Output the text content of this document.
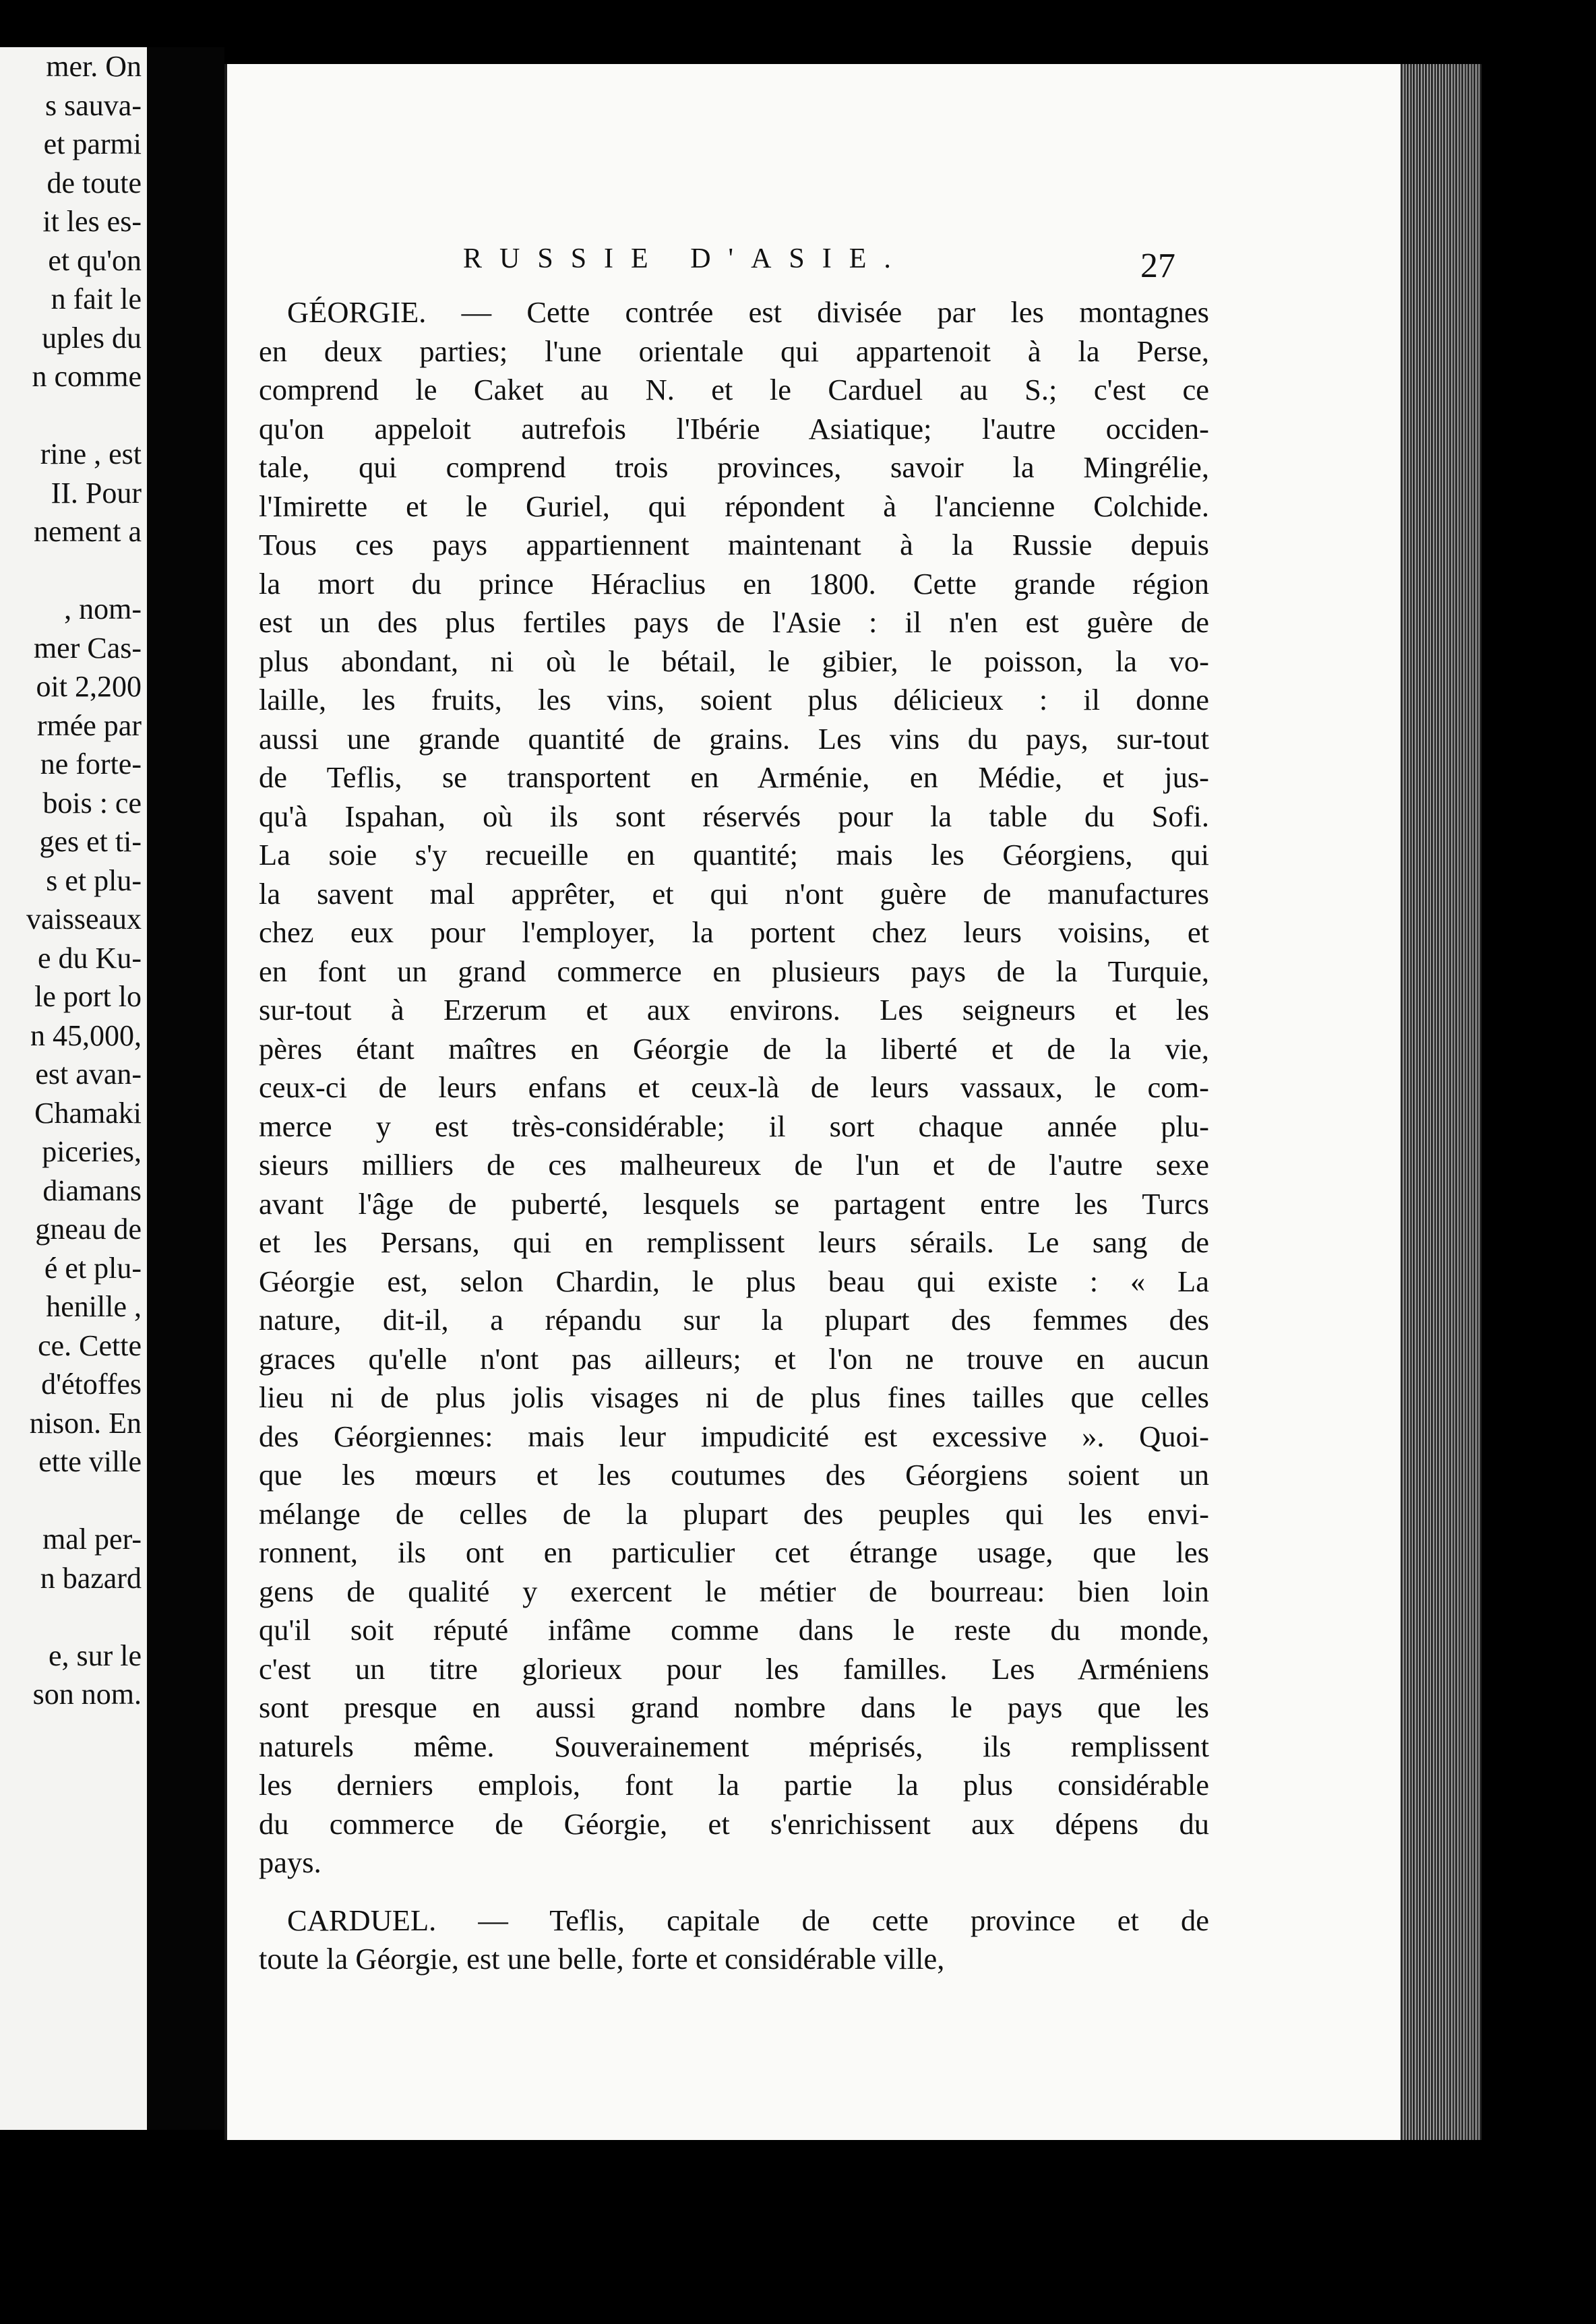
mer. On
s sauva-
et parmi
de toute
it les es-
et qu'on
n fait le
uples du
n comme
rine , est
II. Pour
nement a
, nom-
mer Cas-
oit 2,200
rmée par
ne forte-
bois : ce
ges et ti-
s et plu-
vaisseaux
e du Ku-
le port lo
n 45,000,
est avan-
Chamaki
piceries,
diamans
gneau de
é et plu-
henille ,
ce. Cette
d'étoffes
nison. En
ette ville
mal per-
n bazard
e, sur le
son nom.
RUSSIE D'ASIE.	27
GÉORGIE. — Cette contrée est divisée par les montagnes
en deux parties; l'une orientale qui appartenoit à la Perse,
comprend le Caket au N. et le Carduel au S.; c'est ce
qu'on appeloit autrefois l'Ibérie Asiatique; l'autre occiden-
tale, qui comprend trois provinces, savoir la Mingrélie,
l'Imirette et le Guriel, qui répondent à l'ancienne Colchide.
Tous ces pays appartiennent maintenant à la Russie depuis
la mort du prince Héraclius en 1800. Cette grande région
est un des plus fertiles pays de l'Asie : il n'en est guère de
plus abondant, ni où le bétail, le gibier, le poisson, la vo-
laille, les fruits, les vins, soient plus délicieux : il donne
aussi une grande quantité de grains. Les vins du pays, sur-tout
de Teflis, se transportent en Arménie, en Médie, et jus-
qu'à Ispahan, où ils sont réservés pour la table du Sofi.
La soie s'y recueille en quantité; mais les Géorgiens, qui
la savent mal apprêter, et qui n'ont guère de manufactures
chez eux pour l'employer, la portent chez leurs voisins, et
en font un grand commerce en plusieurs pays de la Turquie,
sur-tout à Erzerum et aux environs. Les seigneurs et les
pères étant maîtres en Géorgie de la liberté et de la vie,
ceux-ci de leurs enfans et ceux-là de leurs vassaux, le com-
merce y est très-considérable; il sort chaque année plu-
sieurs milliers de ces malheureux de l'un et de l'autre sexe
avant l'âge de puberté, lesquels se partagent entre les Turcs
et les Persans, qui en remplissent leurs sérails. Le sang de
Géorgie est, selon Chardin, le plus beau qui existe : « La
nature, dit-il, a répandu sur la plupart des femmes des
graces qu'elle n'ont pas ailleurs; et l'on ne trouve en aucun
lieu ni de plus jolis visages ni de plus fines tailles que celles
des Géorgiennes: mais leur impudicité est excessive ». Quoi-
que les mœurs et les coutumes des Géorgiens soient un
mélange de celles de la plupart des peuples qui les envi-
ronnent, ils ont en particulier cet étrange usage, que les
gens de qualité y exercent le métier de bourreau: bien loin
qu'il soit réputé infâme comme dans le reste du monde,
c'est un titre glorieux pour les familles. Les Arméniens
sont presque en aussi grand nombre dans le pays que les
naturels même. Souverainement méprisés, ils remplissent
les derniers emplois, font la partie la plus considérable
du commerce de Géorgie, et s'enrichissent aux dépens du
pays.
CARDUEL. — Teflis, capitale de cette province et de
toute la Géorgie, est une belle, forte et considérable ville,
